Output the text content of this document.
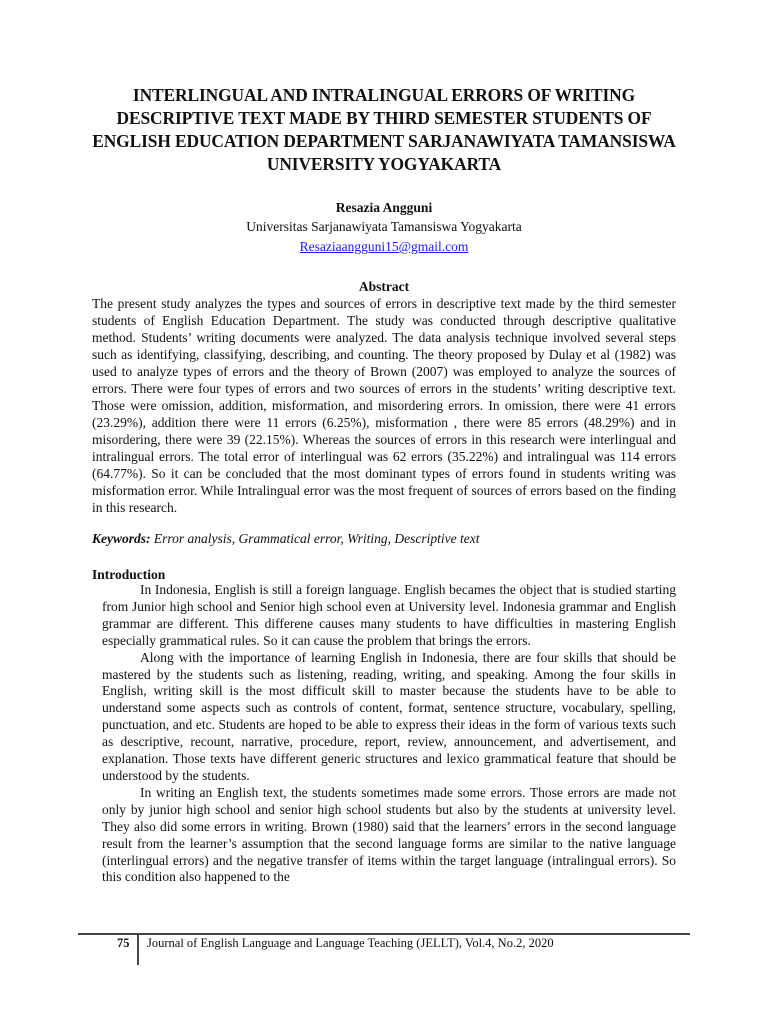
INTERLINGUAL AND INTRALINGUAL ERRORS OF WRITING DESCRIPTIVE TEXT MADE BY THIRD SEMESTER STUDENTS OF ENGLISH EDUCATION DEPARTMENT SARJANAWIYATA TAMANSISWA UNIVERSITY YOGYAKARTA
Resazia Angguni
Universitas Sarjanawiyata Tamansiswa Yogyakarta
Resaziaangguni15@gmail.com
Abstract

The present study analyzes the types and sources of errors in descriptive text made by the third semester students of English Education Department. The study was conducted through descriptive qualitative method. Students’ writing documents were analyzed. The data analysis technique involved several steps such as identifying, classifying, describing, and counting. The theory proposed by Dulay et al (1982) was used to analyze types of errors and the theory of Brown (2007) was employed to analyze the sources of errors. There were four types of errors and two sources of errors in the students’ writing descriptive text. Those were omission, addition, misformation, and misordering errors. In omission, there were 41 errors (23.29%), addition there were 11 errors (6.25%), misformation , there were 85 errors (48.29%) and in misordering, there were 39 (22.15%). Whereas the sources of errors in this research were interlingual and intralingual errors. The total error of interlingual was 62 errors (35.22%) and intralingual was 114 errors (64.77%). So it can be concluded that the most dominant types of errors found in students writing was misformation error. While Intralingual error was the most frequent of sources of errors based on the finding in this research.

Keywords: Error analysis, Grammatical error, Writing, Descriptive text
Introduction

In Indonesia, English is still a foreign language. English becames the object that is studied starting from Junior high school and Senior high school even at University level. Indonesia grammar and English grammar are different. This differene causes many students to have difficulties in mastering English especially grammatical rules. So it can cause the problem that brings the errors.

Along with the importance of learning English in Indonesia, there are four skills that should be mastered by the students such as listening, reading, writing, and speaking. Among the four skills in English, writing skill is the most difficult skill to master because the students have to be able to understand some aspects such as controls of content, format, sentence structure, vocabulary, spelling, punctuation, and etc. Students are hoped to be able to express their ideas in the form of various texts such as descriptive, recount, narrative, procedure, report, review, announcement, and advertisement, and explanation. Those texts have different generic structures and lexico grammatical feature that should be understood by the students.

In writing an English text, the students sometimes made some errors. Those errors are made not only by junior high school and senior high school students but also by the students at university level. They also did some errors in writing. Brown (1980) said that the learners’ errors in the second language result from the learner’s assumption that the second language forms are similar to the native language (interlingual errors) and the negative transfer of items within the target language (intralingual errors). So this condition also happened to the

75 Journal of English Language and Language Teaching (JELLT), Vol.4, No.2, 2020
